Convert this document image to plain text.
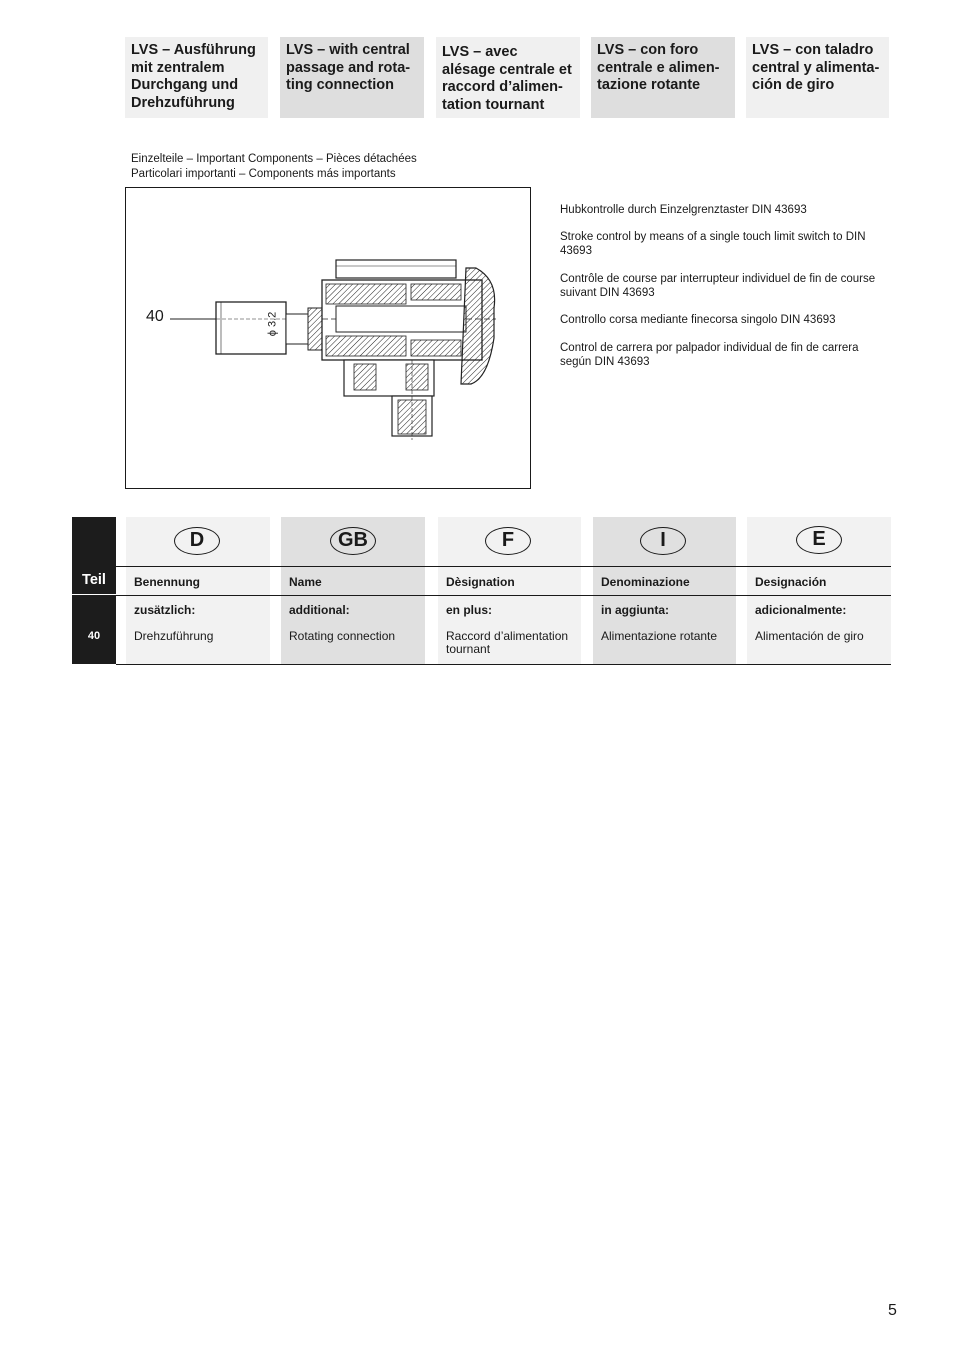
LVS – Ausführung mit zentralem Durchgang und Drehzuführung
LVS – with central passage and rota-ting connection
LVS – avec alésage centrale et raccord d’alimen-tation tournant
LVS – con foro centrale e alimen-tazione rotante
LVS – con taladro central y alimenta-ción de giro
Einzelteile – Important Components – Pièces détachées
Particolari importanti – Components más importants
40	ϕ 3.2
Hubkontrolle durch Einzelgrenztaster DIN 43693
Stroke control by means of a single touch limit switch to DIN 43693
Contrôle de course par interrupteur individuel de fin de course suivant DIN 43693
Controllo corsa mediante finecorsa singolo DIN 43693
Control de carrera por palpador individual de fin de carrera según DIN 43693
Teil
40
D
Benennung
zusätzlich:
Drehzuführung
GB
Name
additional:
Rotating connection
F
Dèsignation
en plus:
Raccord d’alimentation tournant
I
Denominazione
in aggiunta:
Alimentazione rotante
E
Designación
adicionalmente:
Alimentación de giro
5
